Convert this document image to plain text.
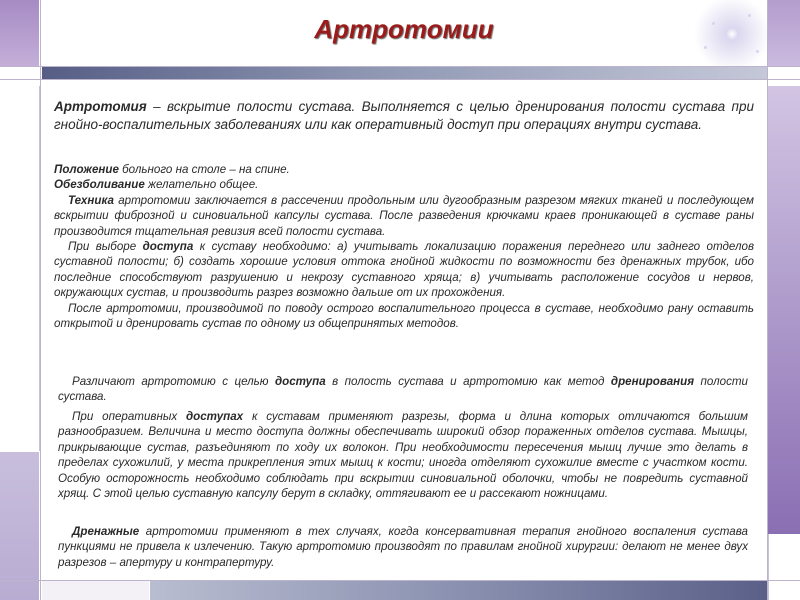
Артротомии

Артротомия – вскрытие полости сустава. Выполняется с целью дренирования полости сустава при гнойно-воспалительных заболеваниях или как оперативный доступ при операциях внутри сустава.

Положение больного на столе – на спине.

Обезболивание желательно общее.

Техника артротомии заключается в рассечении продольным или дугообразным разрезом мягких тканей и последующем вскрытии фиброзной и синовиальной капсулы сустава. После разведения крючками краев проникающей в суставе раны производится тщательная ревизия всей полости сустава.

При выборе доступа к суставу необходимо: а) учитывать локализацию поражения переднего или заднего отделов суставной полости; б) создать хорошие условия оттока гнойной жидкости по возможности без дренажных трубок, ибо последние способствуют разрушению и некрозу суставного хряща; в) учитывать расположение сосудов и нервов, окружающих сустав, и производить разрез возможно дальше от их прохождения.

После артротомии, производимой по поводу острого воспалительного процесса в суставе, необходимо рану оставить открытой и дренировать сустав по одному из общепринятых методов.

Различают артротомию с целью доступа в полость сустава и артротомию как метод дренирования полости сустава.

При оперативных доступах к суставам применяют разрезы, форма и длина которых отличаются большим разнообразием. Величина и место доступа должны обеспечивать широкий обзор пораженных отделов сустава. Мышцы, прикрывающие сустав, разъединяют по ходу их волокон. При необходимости пересечения мышц лучше это делать в пределах сухожилий, у места прикрепления этих мышц к кости; иногда отделяют сухожилие вместе с участком кости. Особую осторожность необходимо соблюдать при вскрытии синовиальной оболочки, чтобы не повредить суставной хрящ. С этой целью суставную капсулу берут в складку, оттягивают ее и рассекают ножницами.

Дренажные артротомии применяют в тех случаях, когда консервативная терапия гнойного воспаления сустава пункциями не привела к излечению. Такую артротомию производят по правилам гнойной хирургии: делают не менее двух разрезов – апертуру и контрапертуру.
